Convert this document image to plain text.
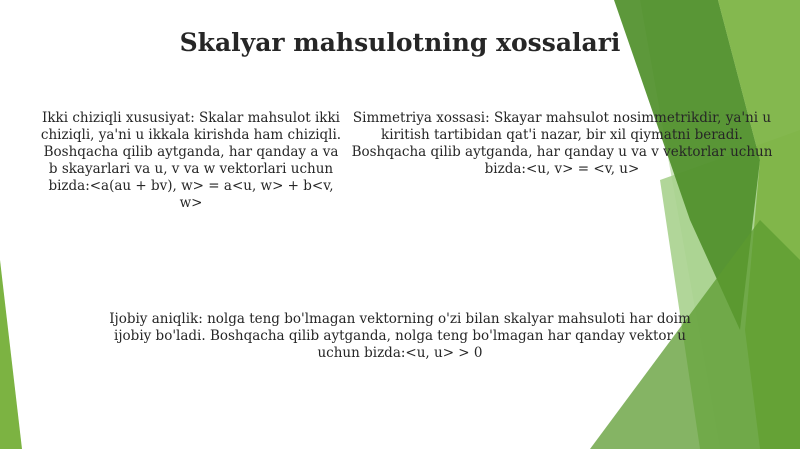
Skalyar mahsulotning xossalari
Ikki chiziqli xususiyat: Skalar mahsulot ikki chiziqli, ya'ni u ikkala kirishda ham chiziqli. Boshqacha qilib aytganda, har qanday a va b skayarlari va u, v va w vektorlari uchun bizda:<a(au + bv), w> = a<u, w> + b<v, w>
Simmetriya xossasi: Skayar mahsulot nosimmetrikdir, ya'ni u kiritish tartibidan qat'i nazar, bir xil qiymatni beradi. Boshqacha qilib aytganda, har qanday u va v vektorlar uchun bizda:<u, v> = <v, u>
Ijobiy aniqlik: nolga teng bo'lmagan vektorning o'zi bilan skalyar mahsuloti har doim ijobiy bo'ladi. Boshqacha qilib aytganda, nolga teng bo'lmagan har qanday vektor u uchun bizda:<u, u> > 0
